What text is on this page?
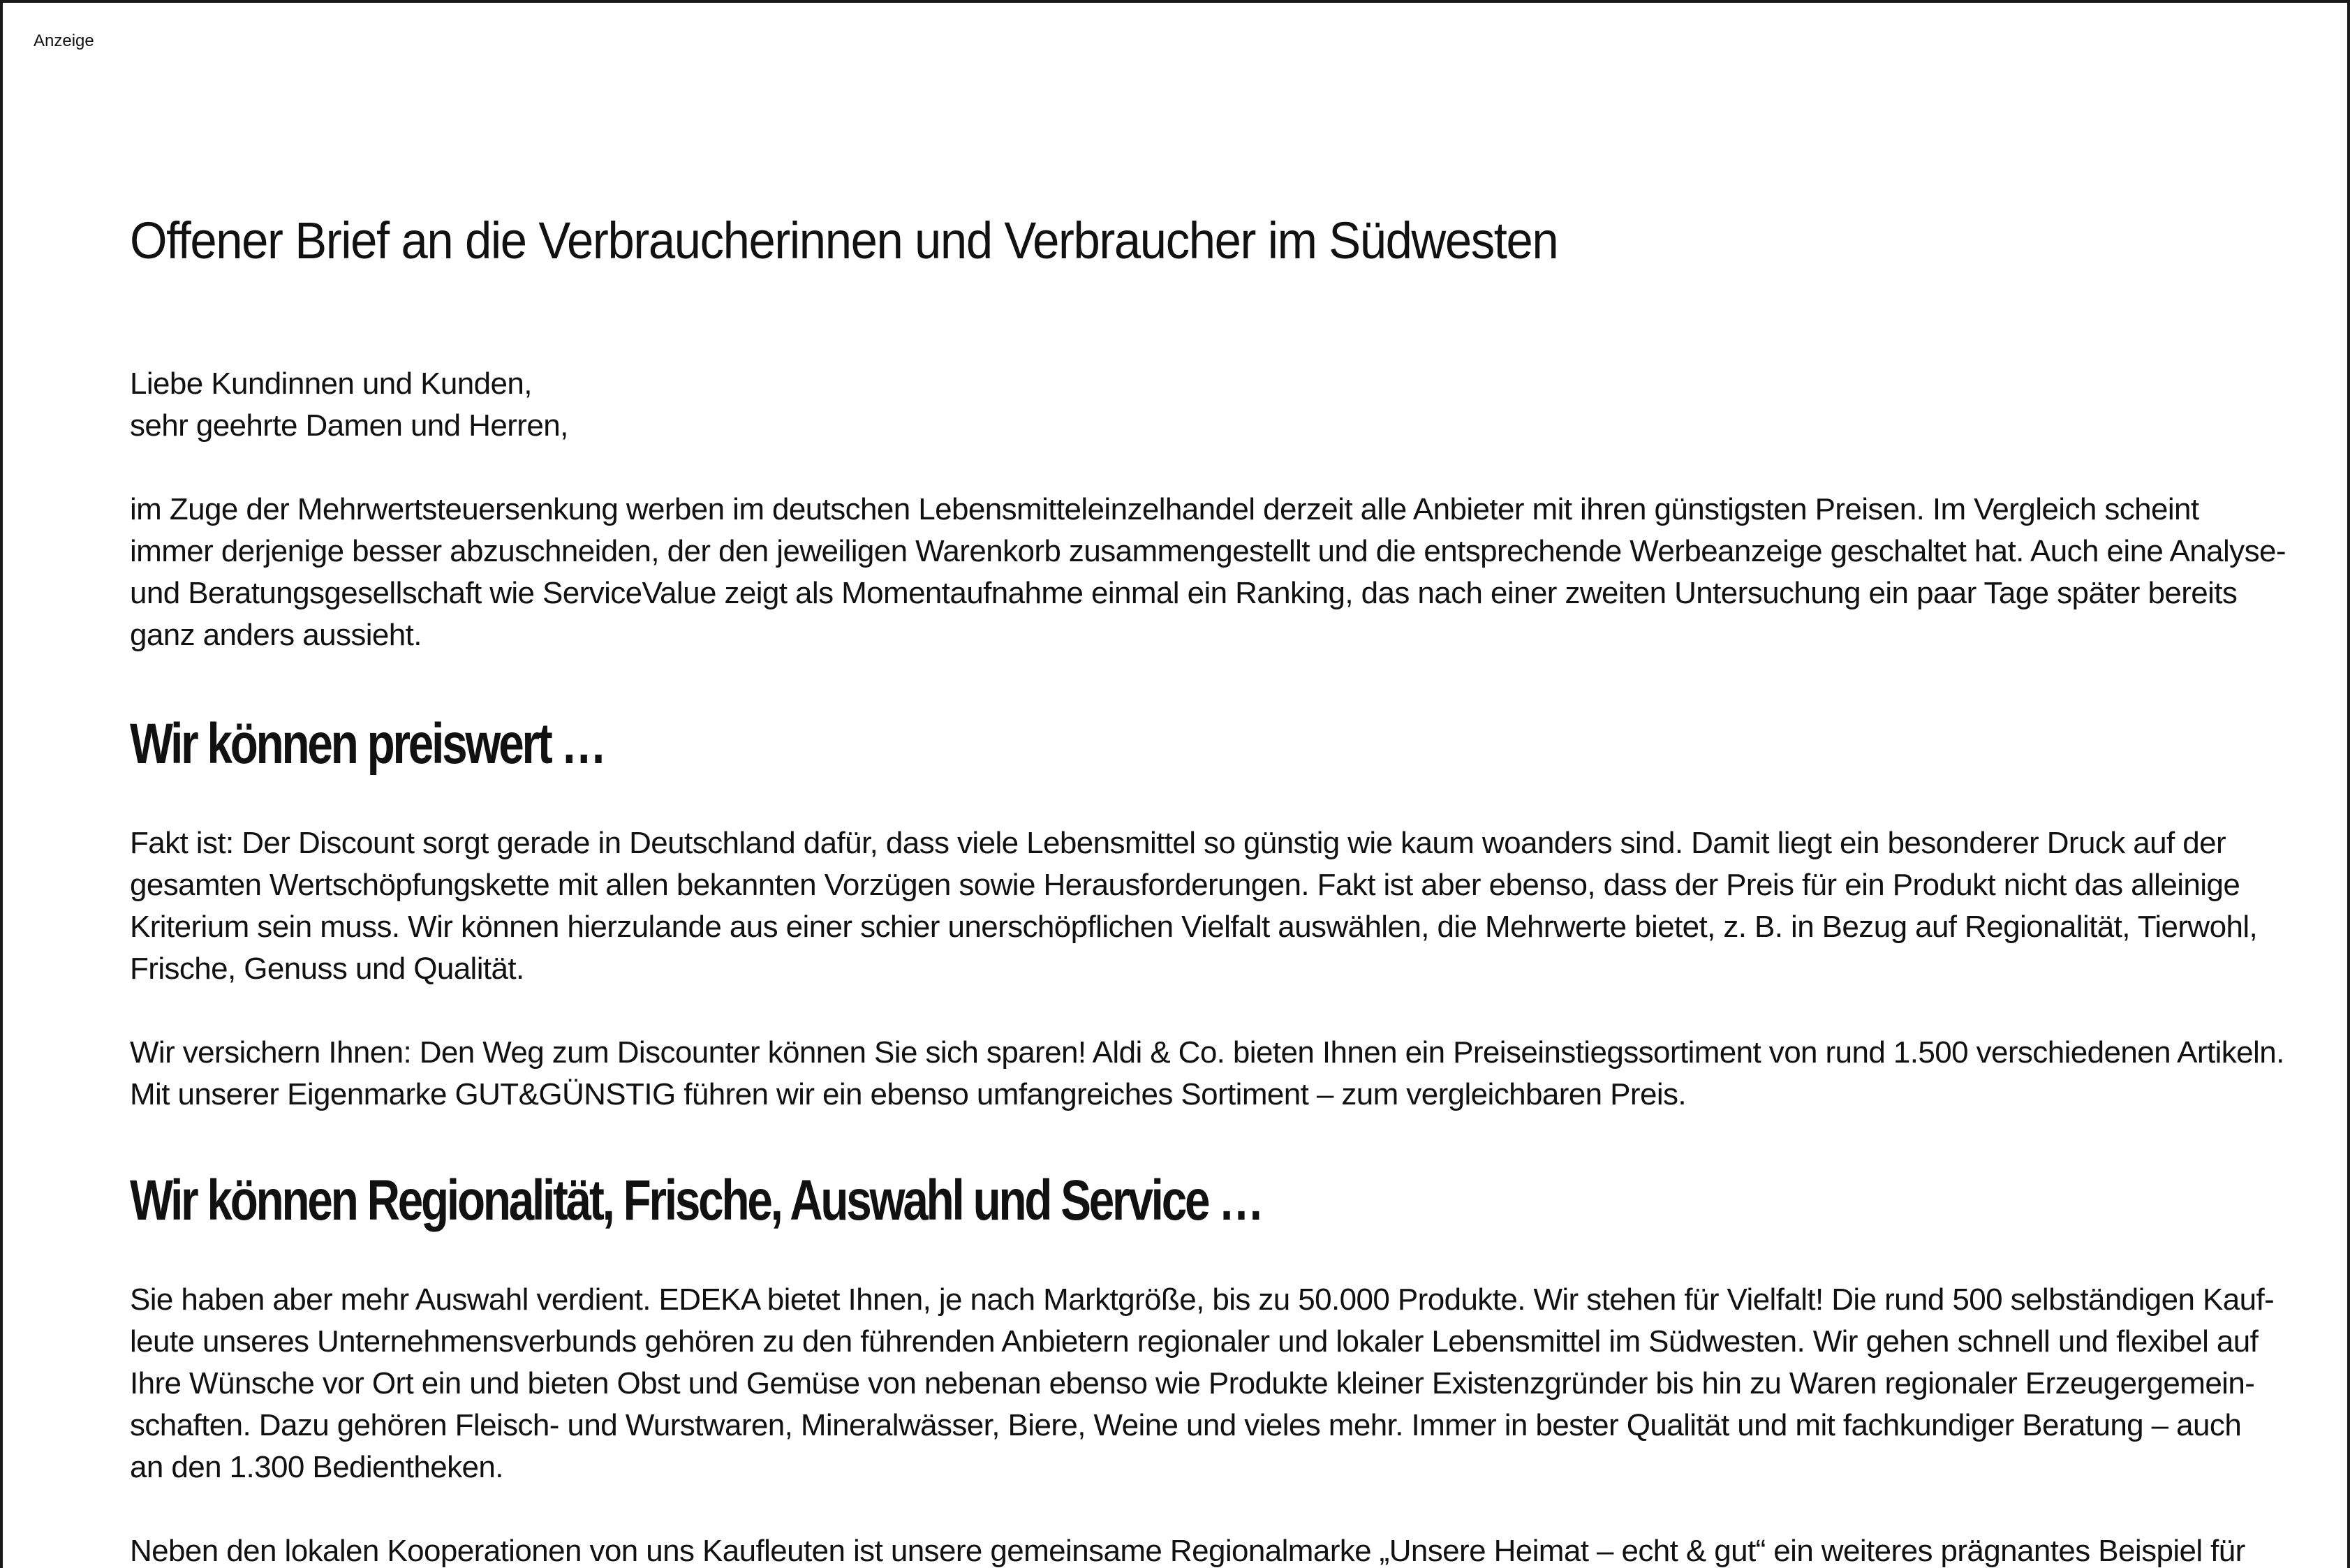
Anzeige
Offener Brief an die Verbraucherinnen und Verbraucher im Südwesten

Liebe Kundinnen und Kunden,

sehr geehrte Damen und Herren,

im Zuge der Mehrwertsteuersenkung werben im deutschen Lebensmitteleinzelhandel derzeit alle Anbieter mit ihren günstigsten Preisen. Im Vergleich scheint

immer derjenige besser abzuschneiden, der den jeweiligen Warenkorb zusammengestellt und die entsprechende Werbeanzeige geschaltet hat. Auch eine Analyse-

und Beratungsgesellschaft wie ServiceValue zeigt als Momentaufnahme einmal ein Ranking, das nach einer zweiten Untersuchung ein paar Tage später bereits

ganz anders aussieht.

Wir können preiswert …

Fakt ist: Der Discount sorgt gerade in Deutschland dafür, dass viele Lebensmittel so günstig wie kaum woanders sind. Damit liegt ein besonderer Druck auf der

gesamten Wertschöpfungskette mit allen bekannten Vorzügen sowie Herausforderungen. Fakt ist aber ebenso, dass der Preis für ein Produkt nicht das alleinige

Kriterium sein muss. Wir können hierzulande aus einer schier unerschöpflichen Vielfalt auswählen, die Mehrwerte bietet, z. B. in Bezug auf Regionalität, Tierwohl,

Frische, Genuss und Qualität.

Wir versichern Ihnen: Den Weg zum Discounter können Sie sich sparen! Aldi & Co. bieten Ihnen ein Preiseinstiegssortiment von rund 1.500 verschiedenen Artikeln.

Mit unserer Eigenmarke GUT&GÜNSTIG führen wir ein ebenso umfangreiches Sortiment – zum vergleichbaren Preis.

Wir können Regionalität, Frische, Auswahl und Service …

Sie haben aber mehr Auswahl verdient. EDEKA bietet Ihnen, je nach Marktgröße, bis zu 50.000 Produkte. Wir stehen für Vielfalt! Die rund 500 selbständigen Kauf-

leute unseres Unternehmensverbunds gehören zu den führenden Anbietern regionaler und lokaler Lebensmittel im Südwesten. Wir gehen schnell und flexibel auf

Ihre Wünsche vor Ort ein und bieten Obst und Gemüse von nebenan ebenso wie Produkte kleiner Existenzgründer bis hin zu Waren regionaler Erzeugergemein-

schaften. Dazu gehören Fleisch- und Wurstwaren, Mineralwässer, Biere, Weine und vieles mehr. Immer in bester Qualität und mit fachkundiger Beratung – auch

an den 1.300 Bedientheken.

Neben den lokalen Kooperationen von uns Kaufleuten ist unsere gemeinsame Regionalmarke „Unsere Heimat – echt & gut“ ein weiteres prägnantes Beispiel für
